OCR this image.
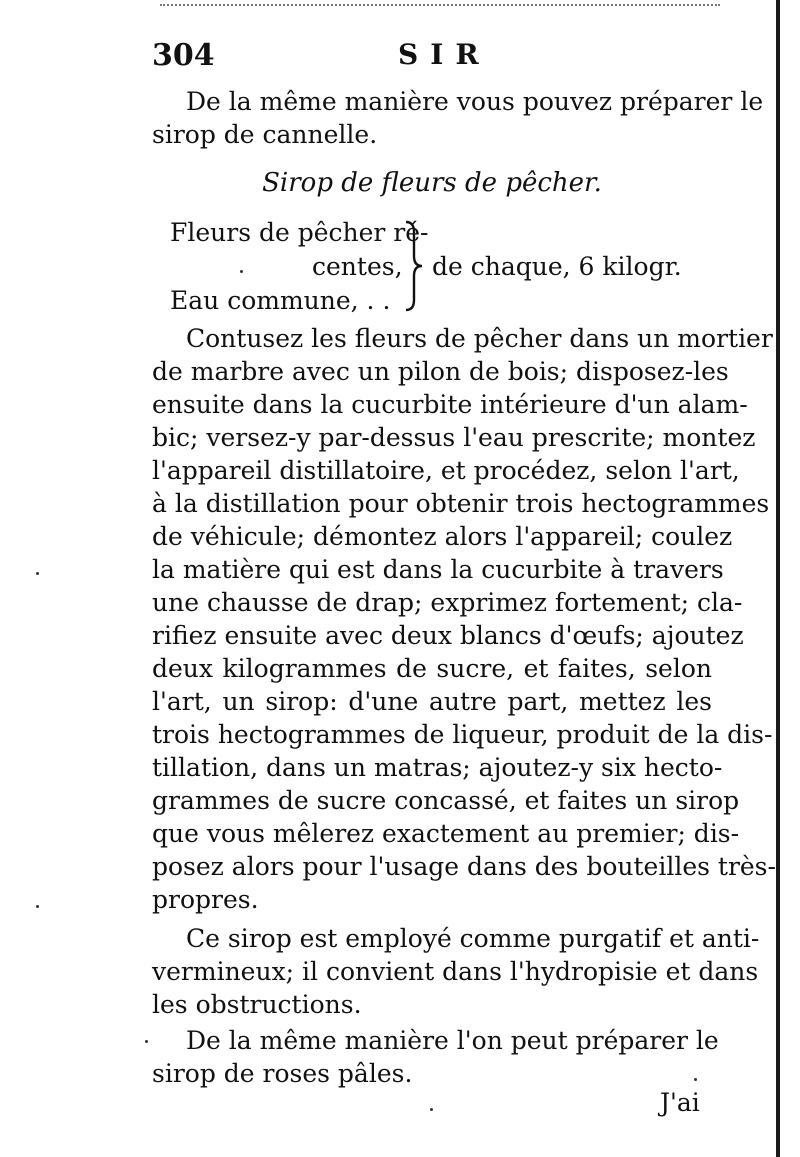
304	SIR
De la même manière vous pouvez préparer le
sirop de cannelle.
Sirop de fleurs de pêcher.
Fleurs de pêcher ré-
centes,
Eau commune, . .
de chaque, 6 kilogr.
Contusez les fleurs de pêcher dans un mortier
de marbre avec un pilon de bois; disposez-les
ensuite dans la cucurbite intérieure d'un alam-
bic; versez-y par-dessus l'eau prescrite; montez
l'appareil distillatoire, et procédez, selon l'art,
à la distillation pour obtenir trois hectogrammes
de véhicule; démontez alors l'appareil; coulez
la matière qui est dans la cucurbite à travers
une chausse de drap; exprimez fortement; cla-
rifiez ensuite avec deux blancs d'œufs; ajoutez
deux kilogrammes de sucre, et faites, selon
l'art, un sirop: d'une autre part, mettez les
trois hectogrammes de liqueur, produit de la dis-
tillation, dans un matras; ajoutez-y six hecto-
grammes de sucre concassé, et faites un sirop
que vous mêlerez exactement au premier; dis-
posez alors pour l'usage dans des bouteilles très-
propres.
Ce sirop est employé comme purgatif et anti-
vermineux; il convient dans l'hydropisie et dans
les obstructions.
De la même manière l'on peut préparer le
sirop de roses pâles.
J'ai
